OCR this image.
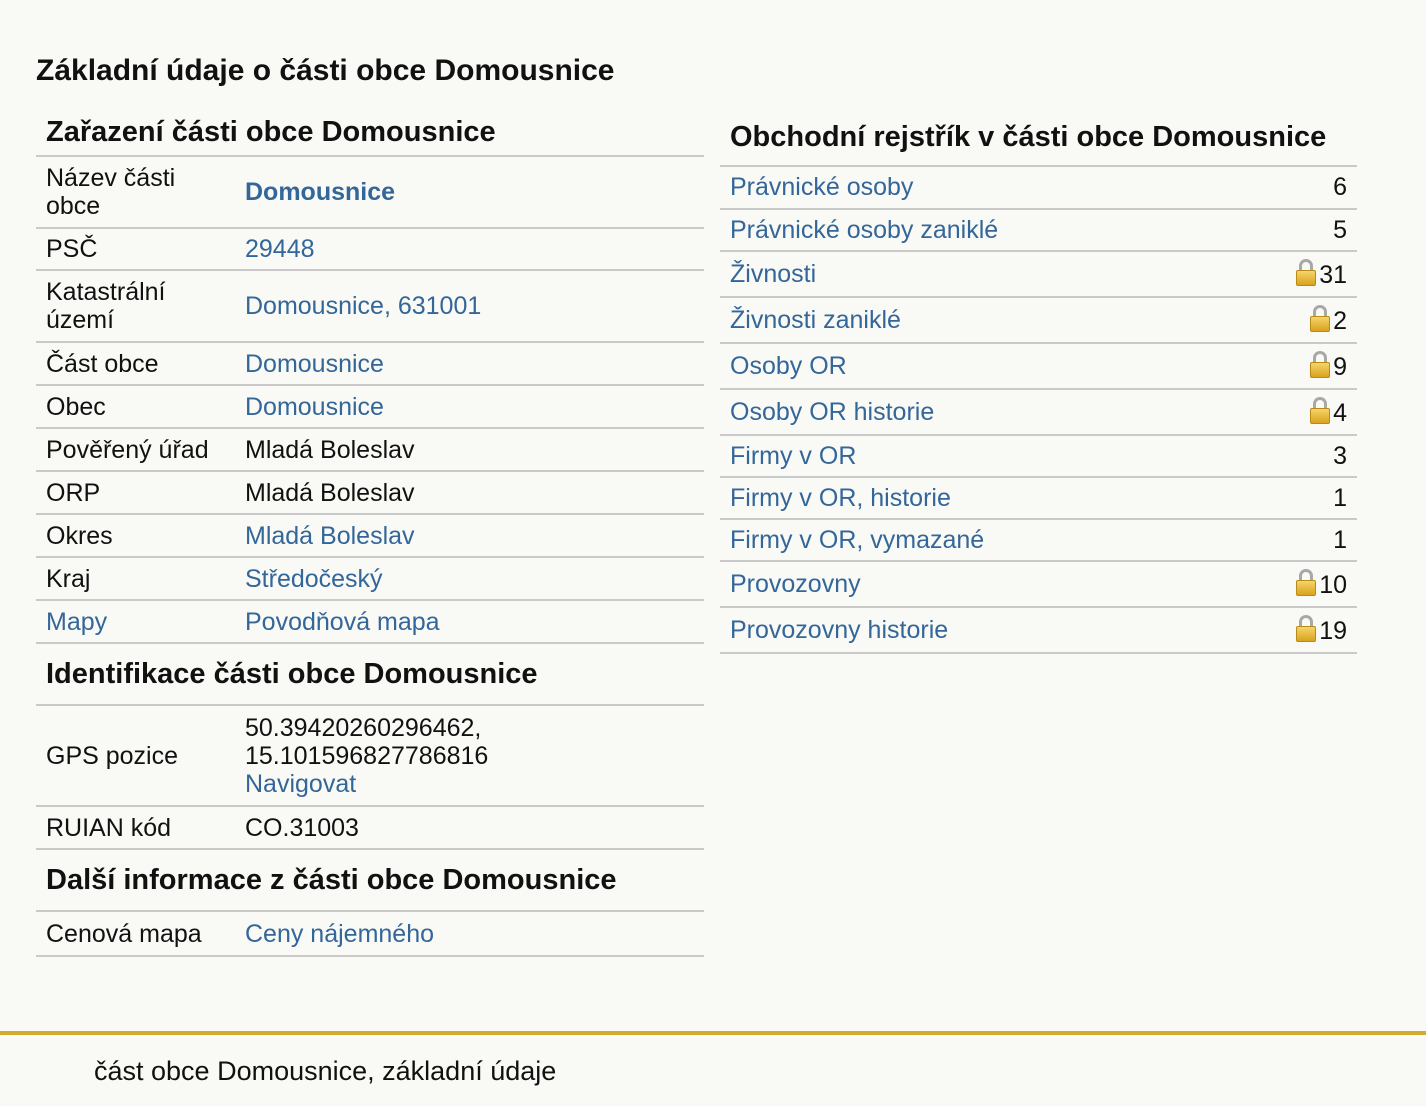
Základní údaje o části obce Domousnice
Zařazení části obce Domousnice
Název části obce	Domousnice
PSČ	29448
Katastrální území	Domousnice, 631001
Část obce	Domousnice
Obec	Domousnice
Pověřený úřad	Mladá Boleslav
ORP	Mladá Boleslav
Okres	Mladá Boleslav
Kraj	Středočeský
Mapy	Povodňová mapa
Identifikace části obce Domousnice
GPS pozice	50.39420260296462,
15.101596827786816
Navigovat
RUIAN kód	CO.31003
Další informace z části obce Domousnice
Cenová mapa	Ceny nájemného
Obchodní rejstřík v části obce Domousnice
Právnické osoby	6
Právnické osoby zaniklé	5
Živnosti	31
Živnosti zaniklé	2
Osoby OR	9
Osoby OR historie	4
Firmy v OR	3
Firmy v OR, historie	1
Firmy v OR, vymazané	1
Provozovny	10
Provozovny historie	19
část obce Domousnice, základní údaje
